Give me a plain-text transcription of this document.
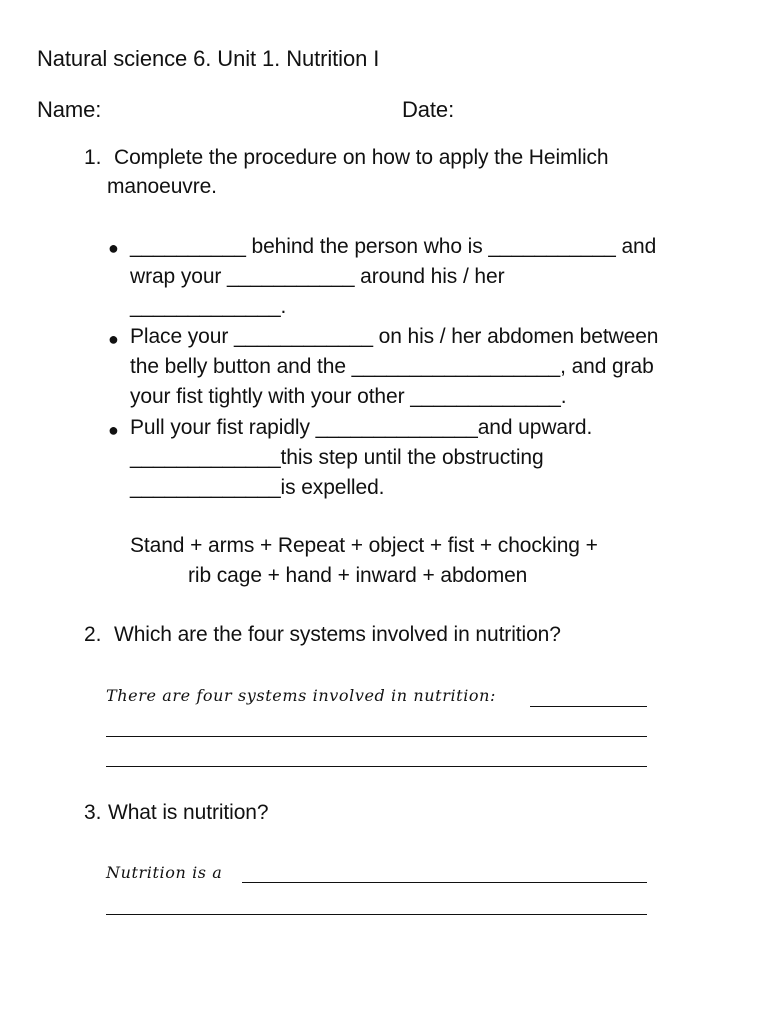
Natural science 6. Unit 1. Nutrition I
Name:	Date:
1. Complete the procedure on how to apply the Heimlich
manoeuvre.
● __________ behind the person who is ___________ and
wrap your ___________ around his / her
_____________.
● Place your ____________ on his / her abdomen between
the belly button and the __________________, and grab
your fist tightly with your other _____________.
● Pull your fist rapidly ______________and upward.
_____________this step until the obstructing
_____________is expelled.
Stand + arms + Repeat + object + fist + chocking +
rib cage + hand + inward + abdomen
2. Which are the four systems involved in nutrition?
There are four systems involved in nutrition:
3. What is nutrition?
Nutrition is a
